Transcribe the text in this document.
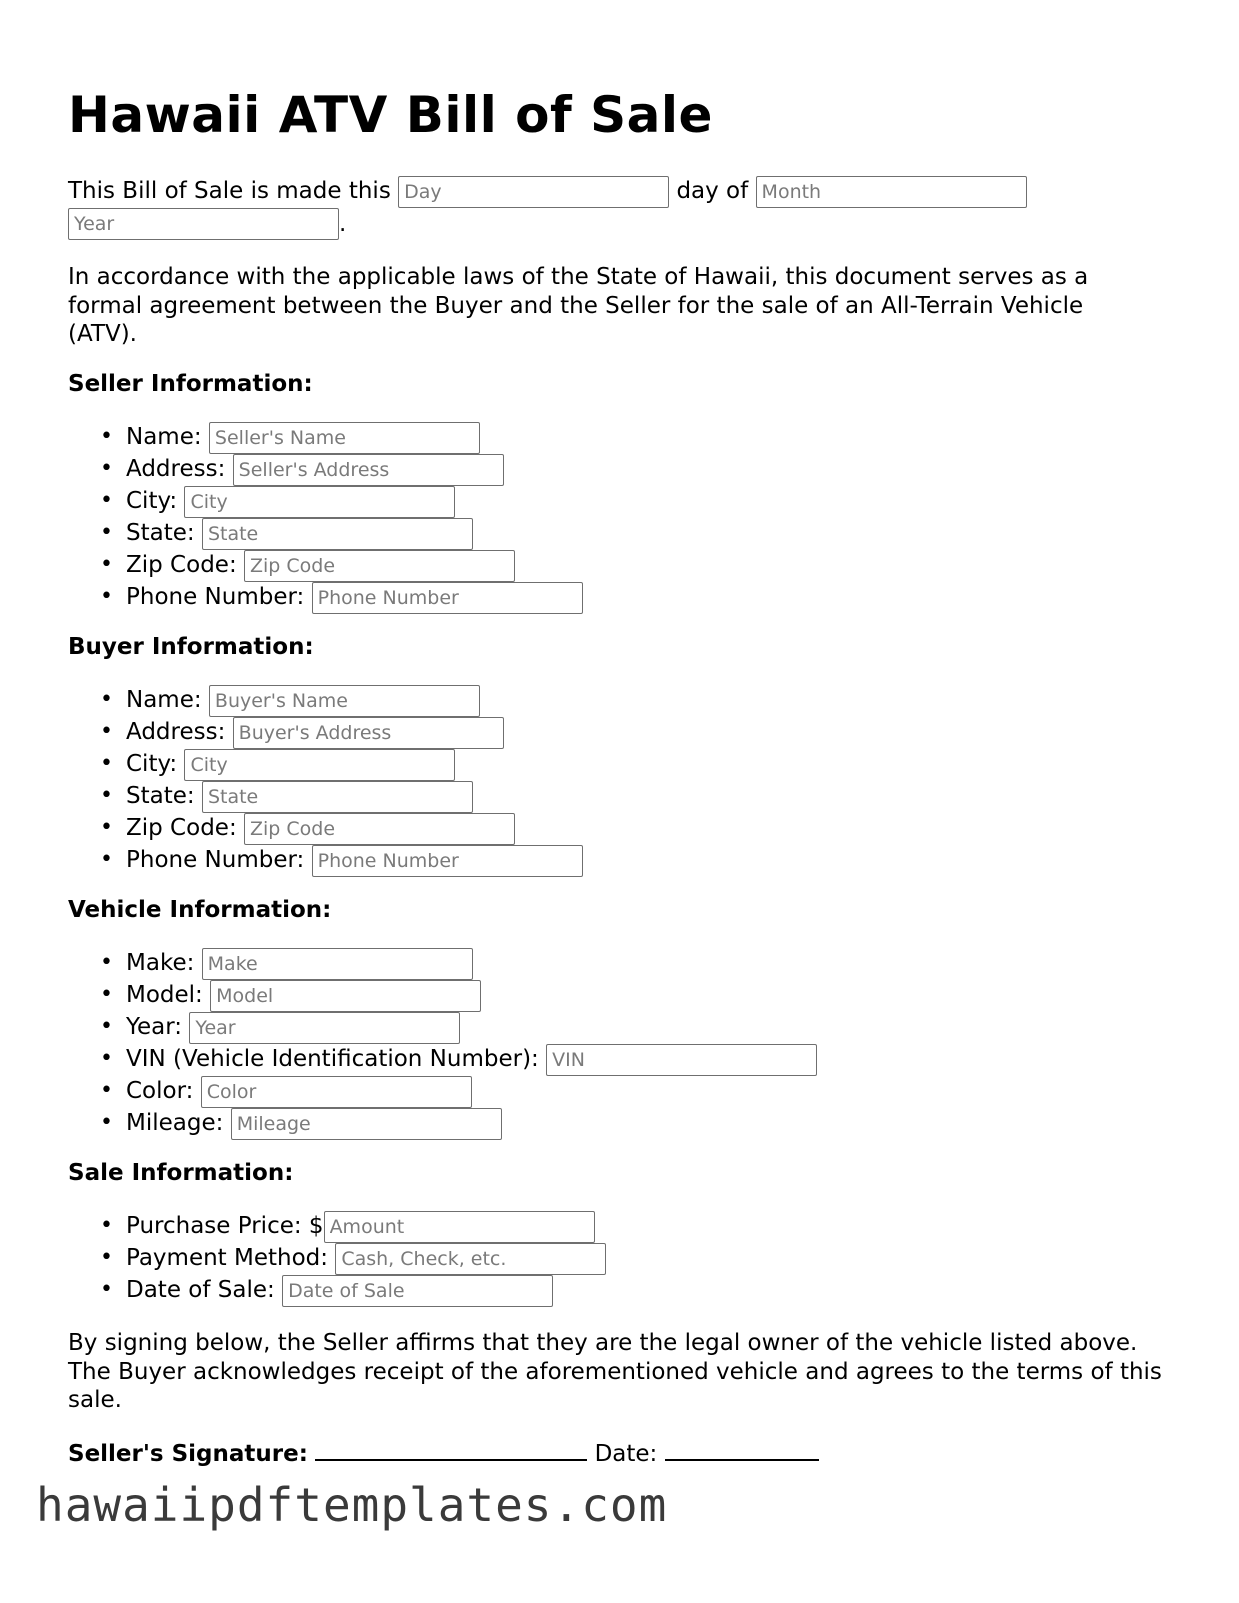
Hawaii ATV Bill of Sale
This Bill of Sale is made this Day	day of Month
Year.

In accordance with the applicable laws of the State of Hawaii, this document serves as a formal agreement between the Buyer and the Seller for the sale of an All-Terrain Vehicle (ATV).

Seller Information:
• Name: Seller's Name
• Address: Seller's Address
• City: City
• State: State
• Zip Code: Zip Code
• Phone Number: Phone Number
Buyer Information:
• Name: Buyer's Name
• Address: Buyer's Address
• City: City
• State: State
• Zip Code: Zip Code
• Phone Number: Phone Number
Vehicle Information:
• Make: Make
• Model: Model
• Year: Year
• VIN (Vehicle Identification Number): VIN
• Color: Color
• Mileage: Mileage
Sale Information:
• Purchase Price: $Amount
• Payment Method: Cash, Check, etc.
• Date of Sale: Date of Sale

By signing below, the Seller affirms that they are the legal owner of the vehicle listed above. The Buyer acknowledges receipt of the aforementioned vehicle and agrees to the terms of this sale.

Seller's Signature:	Date:
hawaiipdftemplates.com
